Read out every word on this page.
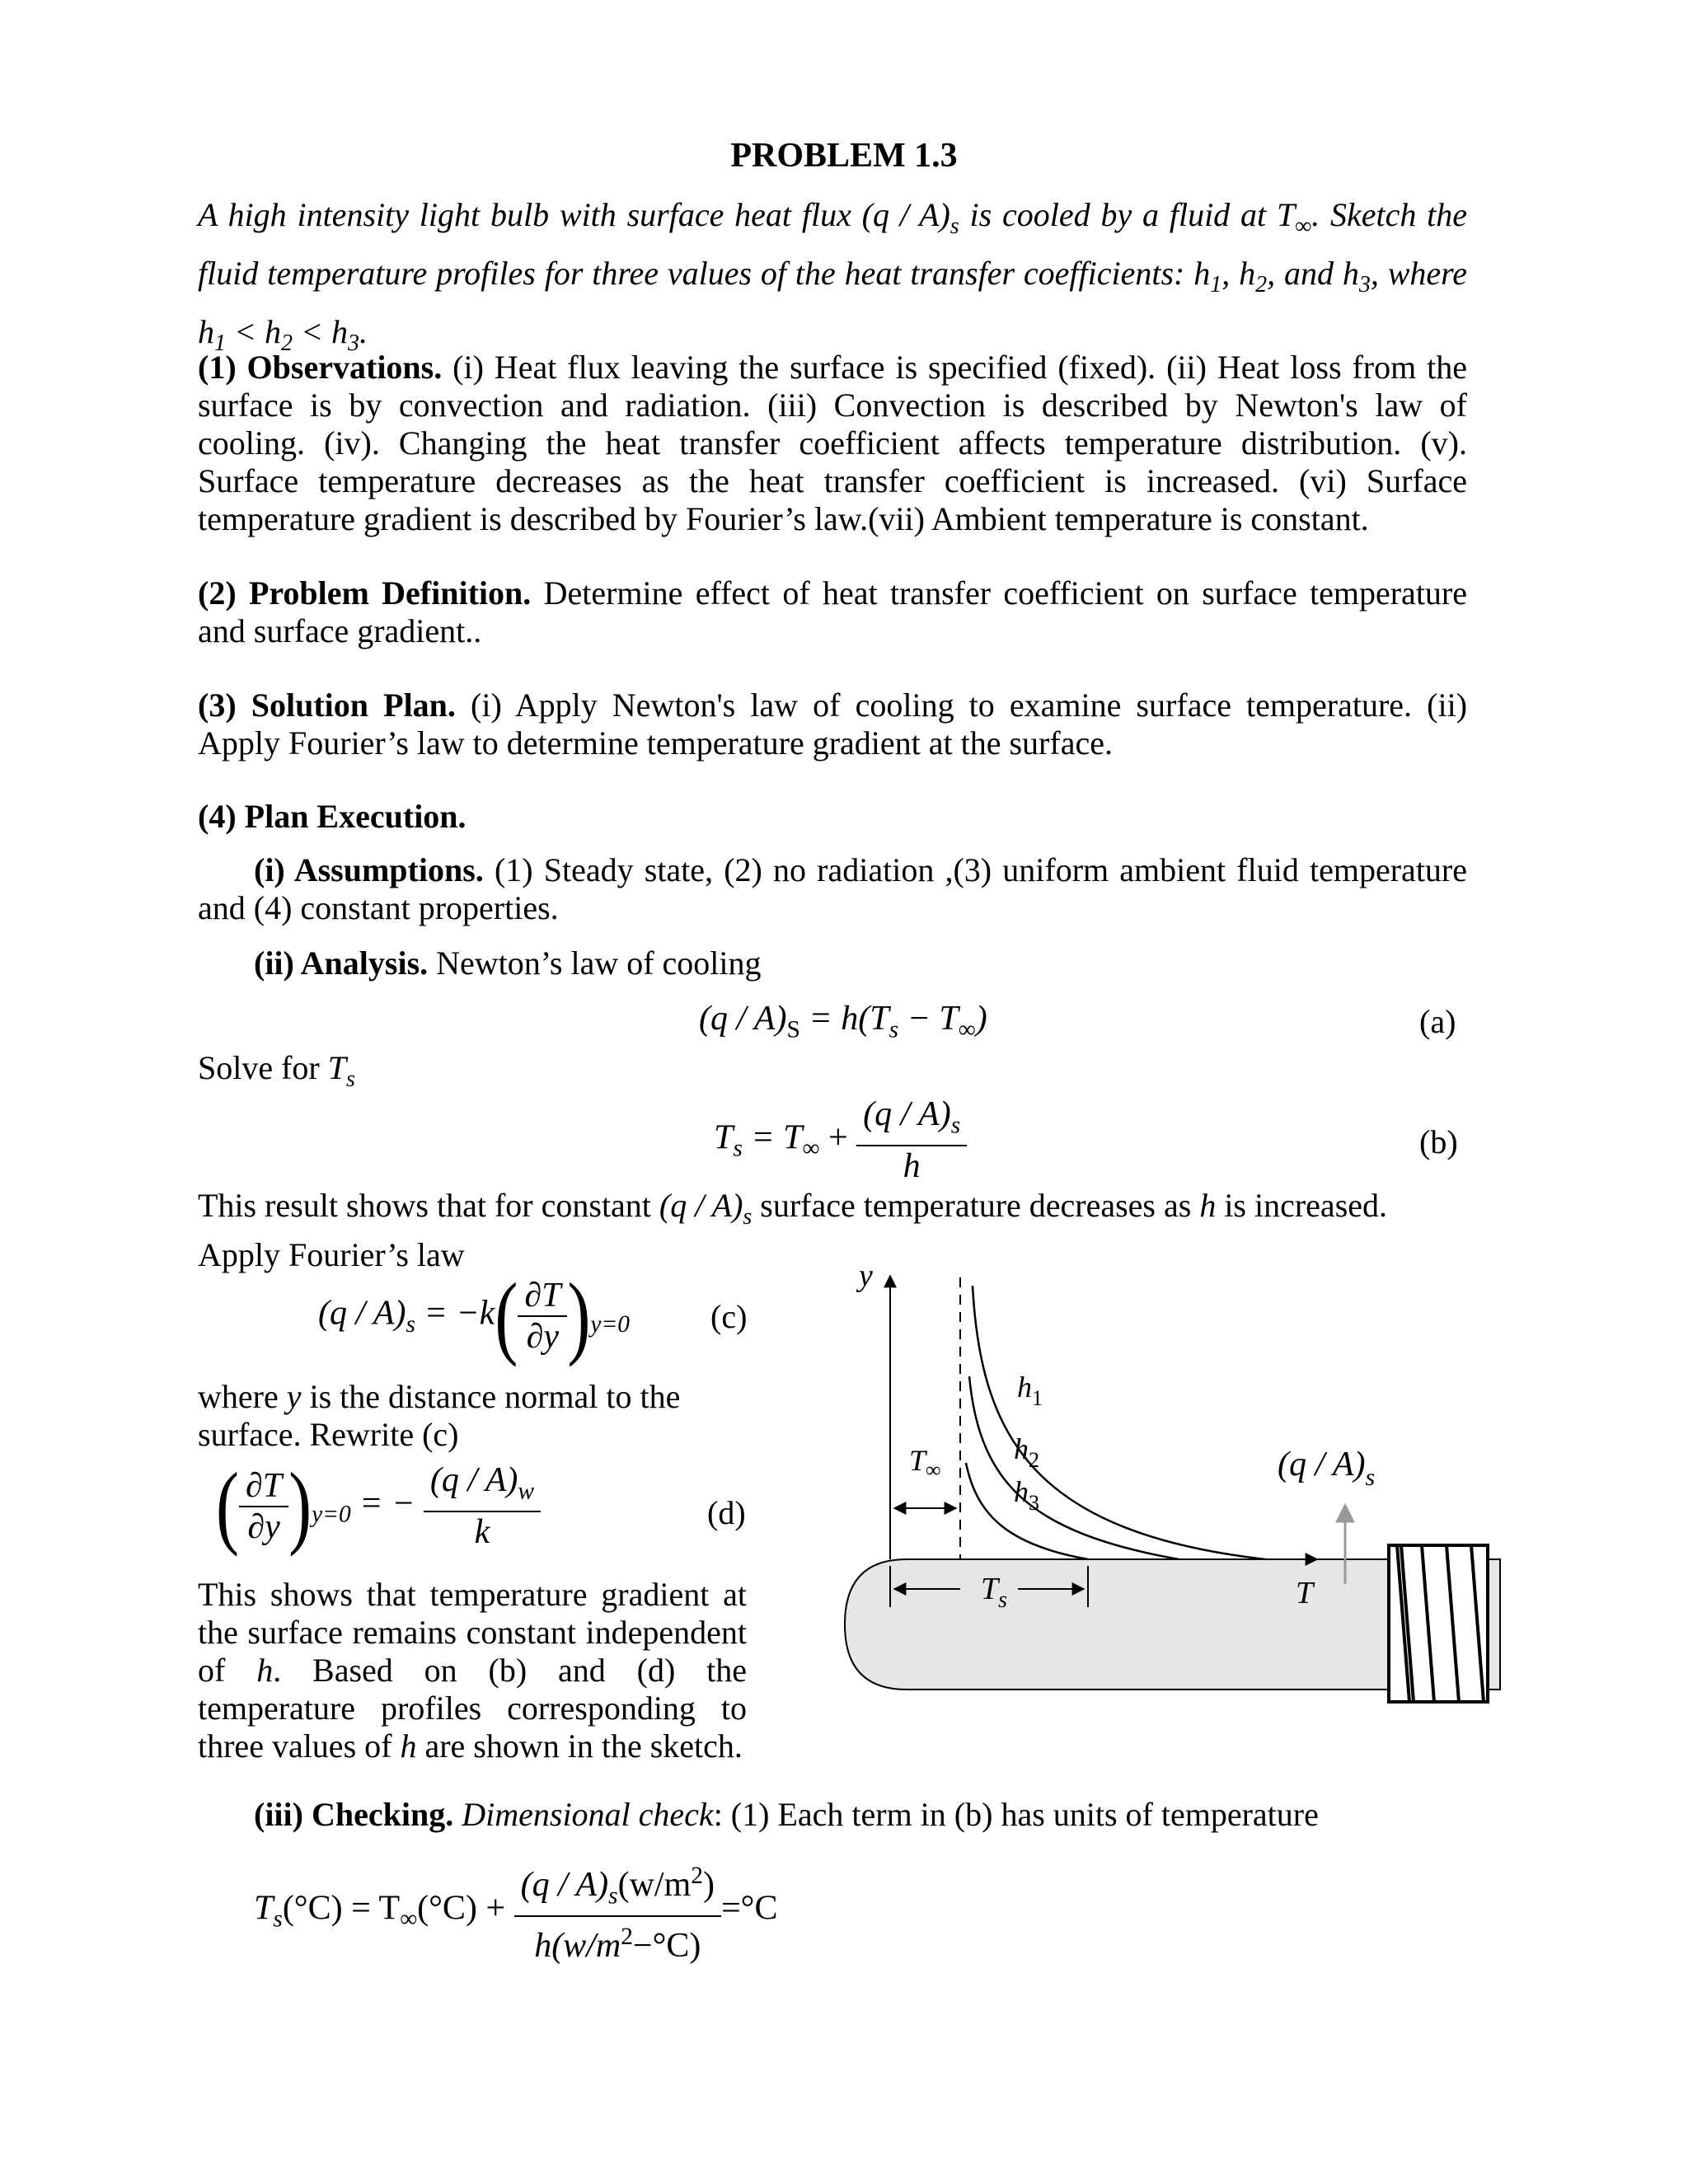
PROBLEM 1.3
A high intensity light bulb with surface heat flux $(q / A)_s$ is cooled by a fluid at $T_\infty$. Sketch the fluid temperature profiles for three values of the heat transfer coefficients: $h_1$, $h_2$, and $h_3$, where $h_1 < h_2 < h_3$.
(1) Observations. (i) Heat flux leaving the surface is specified (fixed). (ii) Heat loss from the surface is by convection and radiation. (iii) Convection is described by Newton's law of cooling. (iv). Changing the heat transfer coefficient affects temperature distribution. (v). Surface temperature decreases as the heat transfer coefficient is increased. (vi) Surface temperature gradient is described by Fourier’s law.(vii) Ambient temperature is constant.
(2) Problem Definition. Determine effect of heat transfer coefficient on surface temperature and surface gradient..
(3) Solution Plan. (i) Apply Newton's law of cooling to examine surface temperature. (ii) Apply Fourier’s law to determine temperature gradient at the surface.
(4) Plan Execution.
(i) Assumptions. (1) Steady state, (2) no radiation ,(3) uniform ambient fluid temperature and (4) constant properties.
(ii) Analysis. Newton’s law of cooling
$(q / A)_S = h(T_s - T_\infty)$	(a)
Solve for $T_s$
$T_s = T_\infty + \frac{(q / A)_s}{h}$	(b)
This result shows that for constant $(q / A)_s$ surface temperature decreases as h is increased.
Apply Fourier’s law
$(q / A)_s = -k( \frac{\partial T}{\partial y} )_{y=0}$ (c)
where y is the distance normal to the surface. Rewrite (c)
( $\frac{\partial T}{\partial y} )_{y=0}$ = − $\frac{(q / A)_w}{k}$	(d)
This shows that temperature gradient at the surface remains constant independent of h. Based on (b) and (d) the temperature profiles corresponding to three values of h are shown in the sketch.
y
$h_1$
$h_2$
$h_3$
$T_\infty$	$(q / A)_s$
T
$T_s$
(iii) Checking. Dimensional check: (1) Each term in (b) has units of temperature
$T_s(^\circ C) = T_\infty(^\circ C) + \frac{(q / A)_s(w/m^2)}{h(w/m^2-^\circ C)} =^\circ C$
